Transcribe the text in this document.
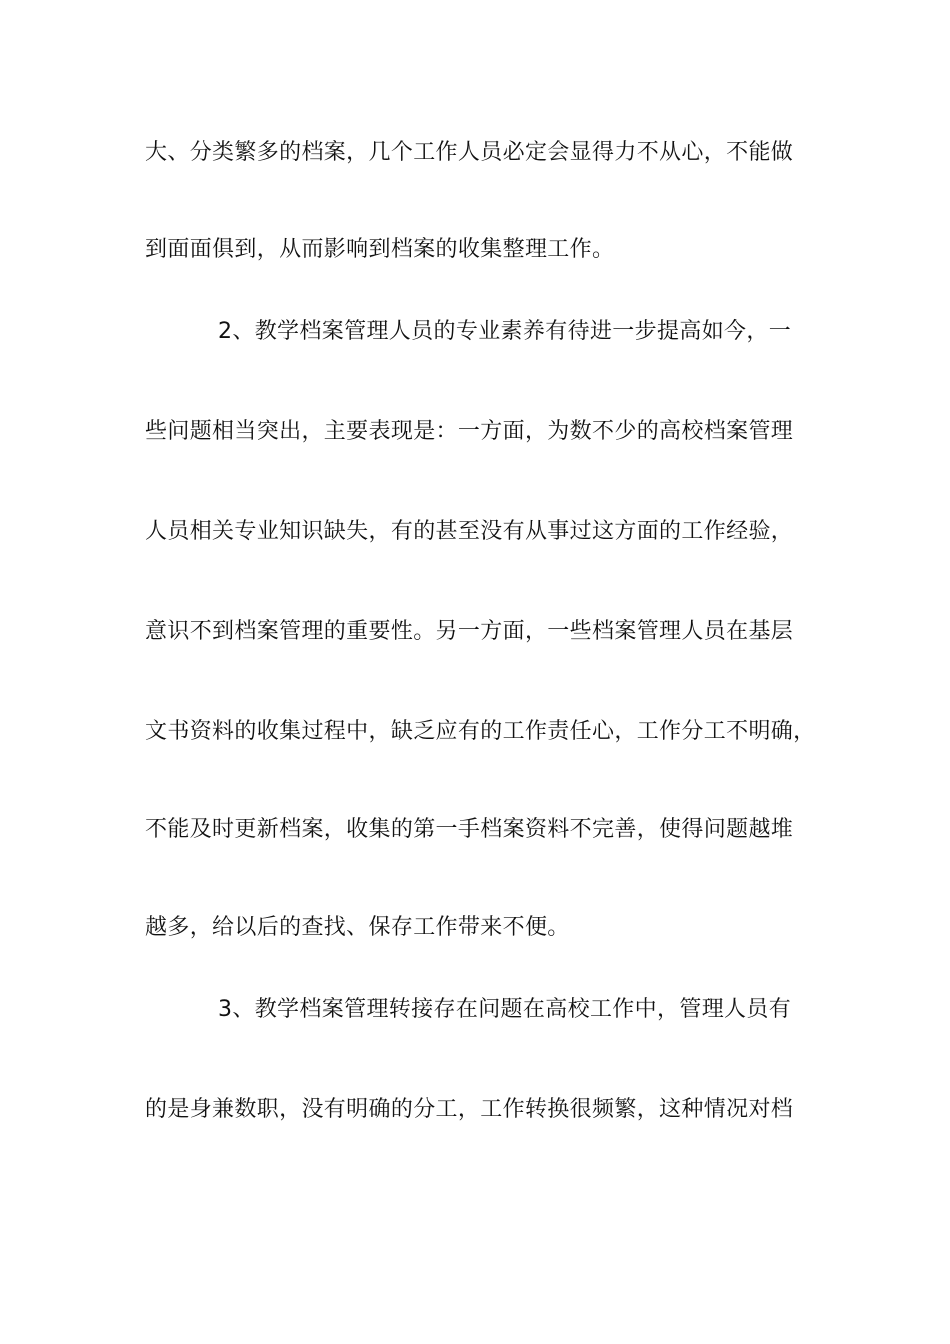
大、分类繁多的档案，几个工作人员必定会显得力不从心，不能做
到面面俱到，从而影响到档案的收集整理工作。
2、教学档案管理人员的专业素养有待进一步提高如今，一
些问题相当突出，主要表现是：一方面，为数不少的高校档案管理
人员相关专业知识缺失，有的甚至没有从事过这方面的工作经验，
意识不到档案管理的重要性。另一方面，一些档案管理人员在基层
文书资料的收集过程中，缺乏应有的工作责任心，工作分工不明确，
不能及时更新档案，收集的第一手档案资料不完善，使得问题越堆
越多，给以后的查找、保存工作带来不便。
3、教学档案管理转接存在问题在高校工作中，管理人员有
的是身兼数职，没有明确的分工，工作转换很频繁，这种情况对档
